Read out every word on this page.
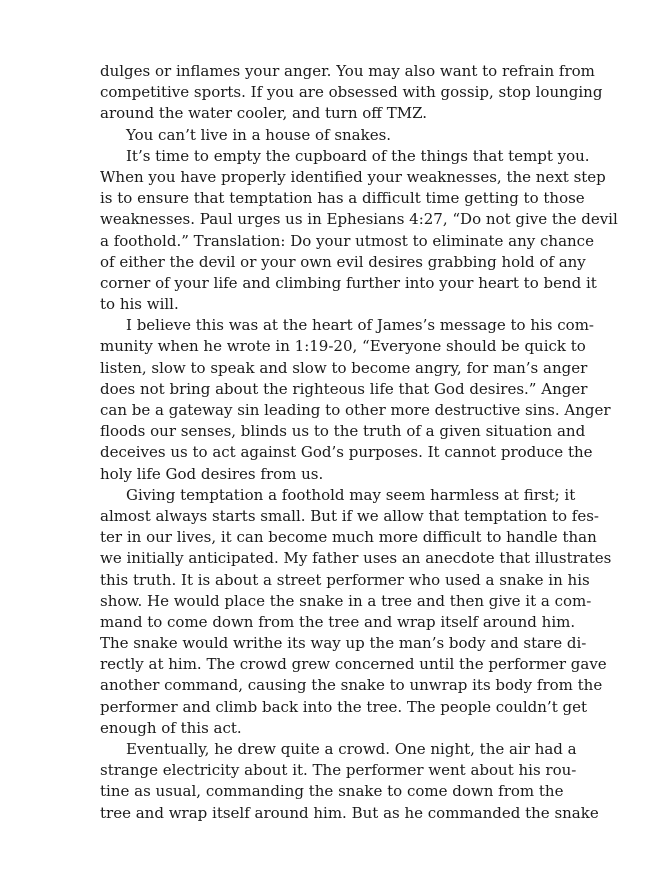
dulges or inflames your anger. You may also want to refrain from
competitive sports. If you are obsessed with gossip, stop lounging
around the water cooler, and turn off TMZ.
You can’t live in a house of snakes.
It’s time to empty the cupboard of the things that tempt you.
When you have properly identified your weaknesses, the next step
is to ensure that temptation has a difficult time getting to those
weaknesses. Paul urges us in Ephesians 4:27, “Do not give the devil
a foothold.” Translation: Do your utmost to eliminate any chance
of either the devil or your own evil desires grabbing hold of any
corner of your life and climbing further into your heart to bend it
to his will.
I believe this was at the heart of James’s message to his com-
munity when he wrote in 1:19-20, “Everyone should be quick to
listen, slow to speak and slow to become angry, for man’s anger
does not bring about the righteous life that God desires.” Anger
can be a gateway sin leading to other more destructive sins. Anger
floods our senses, blinds us to the truth of a given situation and
deceives us to act against God’s purposes. It cannot produce the
holy life God desires from us.
Giving temptation a foothold may seem harmless at first; it
almost always starts small. But if we allow that temptation to fes-
ter in our lives, it can become much more difficult to handle than
we initially anticipated. My father uses an anecdote that illustrates
this truth. It is about a street performer who used a snake in his
show. He would place the snake in a tree and then give it a com-
mand to come down from the tree and wrap itself around him.
The snake would writhe its way up the man’s body and stare di-
rectly at him. The crowd grew concerned until the performer gave
another command, causing the snake to unwrap its body from the
performer and climb back into the tree. The people couldn’t get
enough of this act.
Eventually, he drew quite a crowd. One night, the air had a
strange electricity about it. The performer went about his rou-
tine as usual, commanding the snake to come down from the
tree and wrap itself around him. But as he commanded the snake
